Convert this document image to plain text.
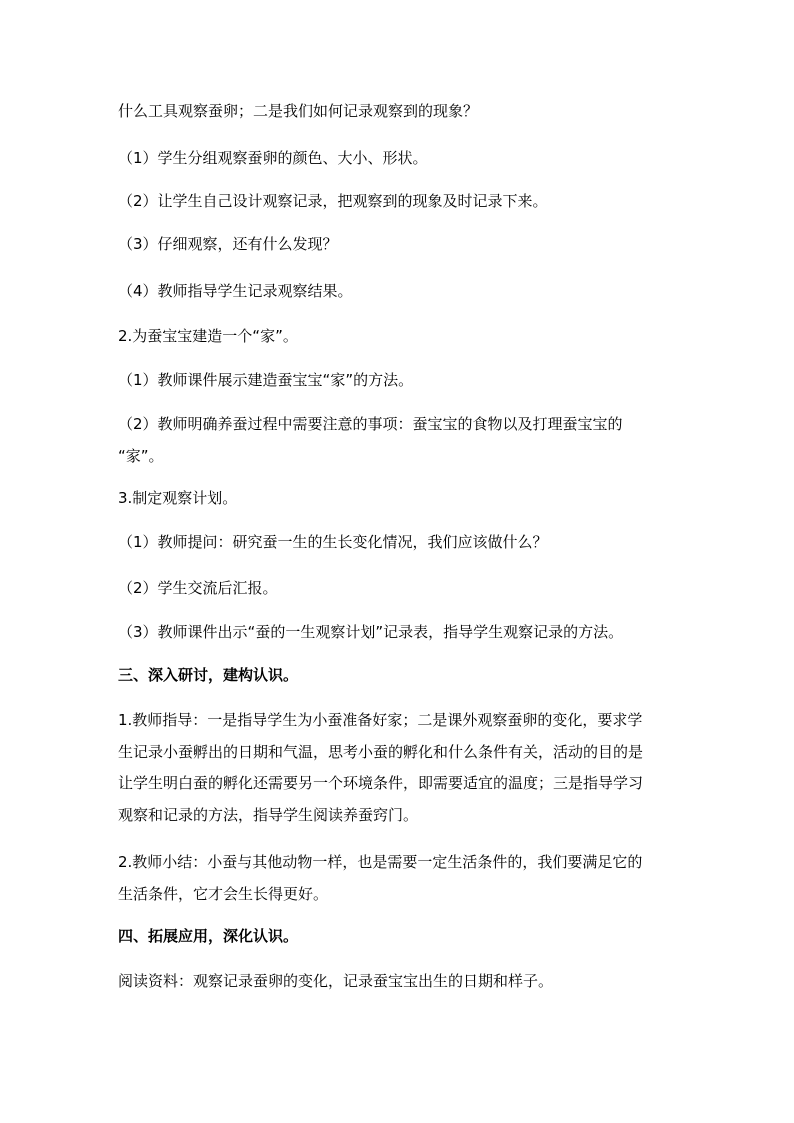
什么工具观察蚕卵；二是我们如何记录观察到的现象？

（1）学生分组观察蚕卵的颜色、大小、形状。

（2）让学生自己设计观察记录，把观察到的现象及时记录下来。

（3）仔细观察，还有什么发现？

（4）教师指导学生记录观察结果。

2.为蚕宝宝建造一个“家”。

（1）教师课件展示建造蚕宝宝“家”的方法。

（2）教师明确养蚕过程中需要注意的事项：蚕宝宝的食物以及打理蚕宝宝的
“家”。

3.制定观察计划。

（1）教师提问：研究蚕一生的生长变化情况，我们应该做什么？

（2）学生交流后汇报。

（3）教师课件出示“蚕的一生观察计划”记录表，指导学生观察记录的方法。

三、深入研讨，建构认识。

1.教师指导：一是指导学生为小蚕准备好家；二是课外观察蚕卵的变化，要求学
生记录小蚕孵出的日期和气温，思考小蚕的孵化和什么条件有关，活动的目的是
让学生明白蚕的孵化还需要另一个环境条件，即需要适宜的温度；三是指导学习
观察和记录的方法，指导学生阅读养蚕窍门。
2.教师小结：小蚕与其他动物一样，也是需要一定生活条件的，我们要满足它的
生活条件，它才会生长得更好。

四、拓展应用，深化认识。

阅读资料：观察记录蚕卵的变化，记录蚕宝宝出生的日期和样子。
